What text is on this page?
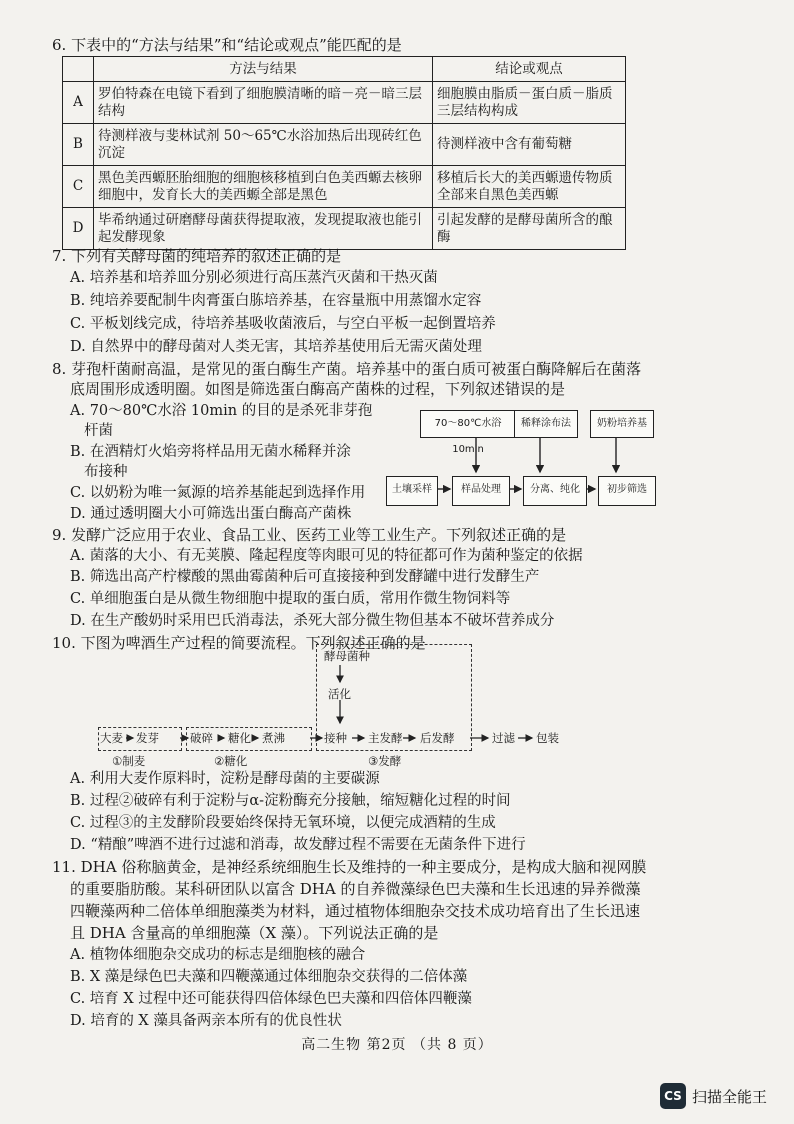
6. 下表中的“方法与结果”和“结论或观点”能匹配的是
	方法与结果	结论或观点
A	罗伯特森在电镜下看到了细胞膜清晰的暗－亮－暗三层结构	细胞膜由脂质－蛋白质－脂质三层结构构成
B	待测样液与斐林试剂 50～65℃水浴加热后出现砖红色沉淀	待测样液中含有葡萄糖
C	黑色美西螈胚胎细胞的细胞核移植到白色美西螈去核卵细胞中，发育长大的美西螈全部是黑色	移植后长大的美西螈遗传物质全部来自黑色美西螈
D	毕希纳通过研磨酵母菌获得提取液，发现提取液也能引起发酵现象	引起发酵的是酵母菌所含的酿酶
7. 下列有关酵母菌的纯培养的叙述正确的是
A. 培养基和培养皿分别必须进行高压蒸汽灭菌和干热灭菌
B. 纯培养要配制牛肉膏蛋白胨培养基，在容量瓶中用蒸馏水定容
C. 平板划线完成，待培养基吸收菌液后，与空白平板一起倒置培养
D. 自然界中的酵母菌对人类无害，其培养基使用后无需灭菌处理
8. 芽孢杆菌耐高温，是常见的蛋白酶生产菌。培养基中的蛋白质可被蛋白酶降解后在菌落
底周围形成透明圈。如图是筛选蛋白酶高产菌株的过程，下列叙述错误的是
A. 70～80℃水浴 10min 的目的是杀死非芽孢
杆菌
B. 在酒精灯火焰旁将样品用无菌水稀释并涂
布接种
C. 以奶粉为唯一氮源的培养基能起到选择作用
D. 通过透明圈大小可筛选出蛋白酶高产菌株
70～80℃水浴10min
稀释涂布法	奶粉培养基
土壤采样	样品处理	分离、纯化	初步筛选
9. 发酵广泛应用于农业、食品工业、医药工业等工业生产。下列叙述正确的是
A. 菌落的大小、有无荚膜、隆起程度等肉眼可见的特征都可作为菌种鉴定的依据
B. 筛选出高产柠檬酸的黑曲霉菌种后可直接接种到发酵罐中进行发酵生产
C. 单细胞蛋白是从微生物细胞中提取的蛋白质，常用作微生物饲料等
D. 在生产酸奶时采用巴氏消毒法，杀死大部分微生物但基本不破坏营养成分
10. 下图为啤酒生产过程的简要流程。下列叙述正确的是
酵母菌种
活化
大麦 发芽	破碎 糖化 煮沸	接种 主发酵 后发酵	过滤 包装
①制麦	②糖化	③发酵
A. 利用大麦作原料时，淀粉是酵母菌的主要碳源
B. 过程②破碎有利于淀粉与α-淀粉酶充分接触，缩短糖化过程的时间
C. 过程③的主发酵阶段要始终保持无氧环境，以便完成酒精的生成
D. “精酿”啤酒不进行过滤和消毒，故发酵过程不需要在无菌条件下进行
11. DHA 俗称脑黄金，是神经系统细胞生长及维持的一种主要成分，是构成大脑和视网膜
的重要脂肪酸。某科研团队以富含 DHA 的自养微藻绿色巴夫藻和生长迅速的异养微藻
四鞭藻两种二倍体单细胞藻类为材料，通过植物体细胞杂交技术成功培育出了生长迅速
且 DHA 含量高的单细胞藻（X 藻）。下列说法正确的是
A. 植物体细胞杂交成功的标志是细胞核的融合
B. X 藻是绿色巴夫藻和四鞭藻通过体细胞杂交获得的二倍体藻
C. 培育 X 过程中还可能获得四倍体绿色巴夫藻和四倍体四鞭藻
D. 培育的 X 藻具备两亲本所有的优良性状
高二生物 第2页 （共 8 页）
CS 扫描全能王
